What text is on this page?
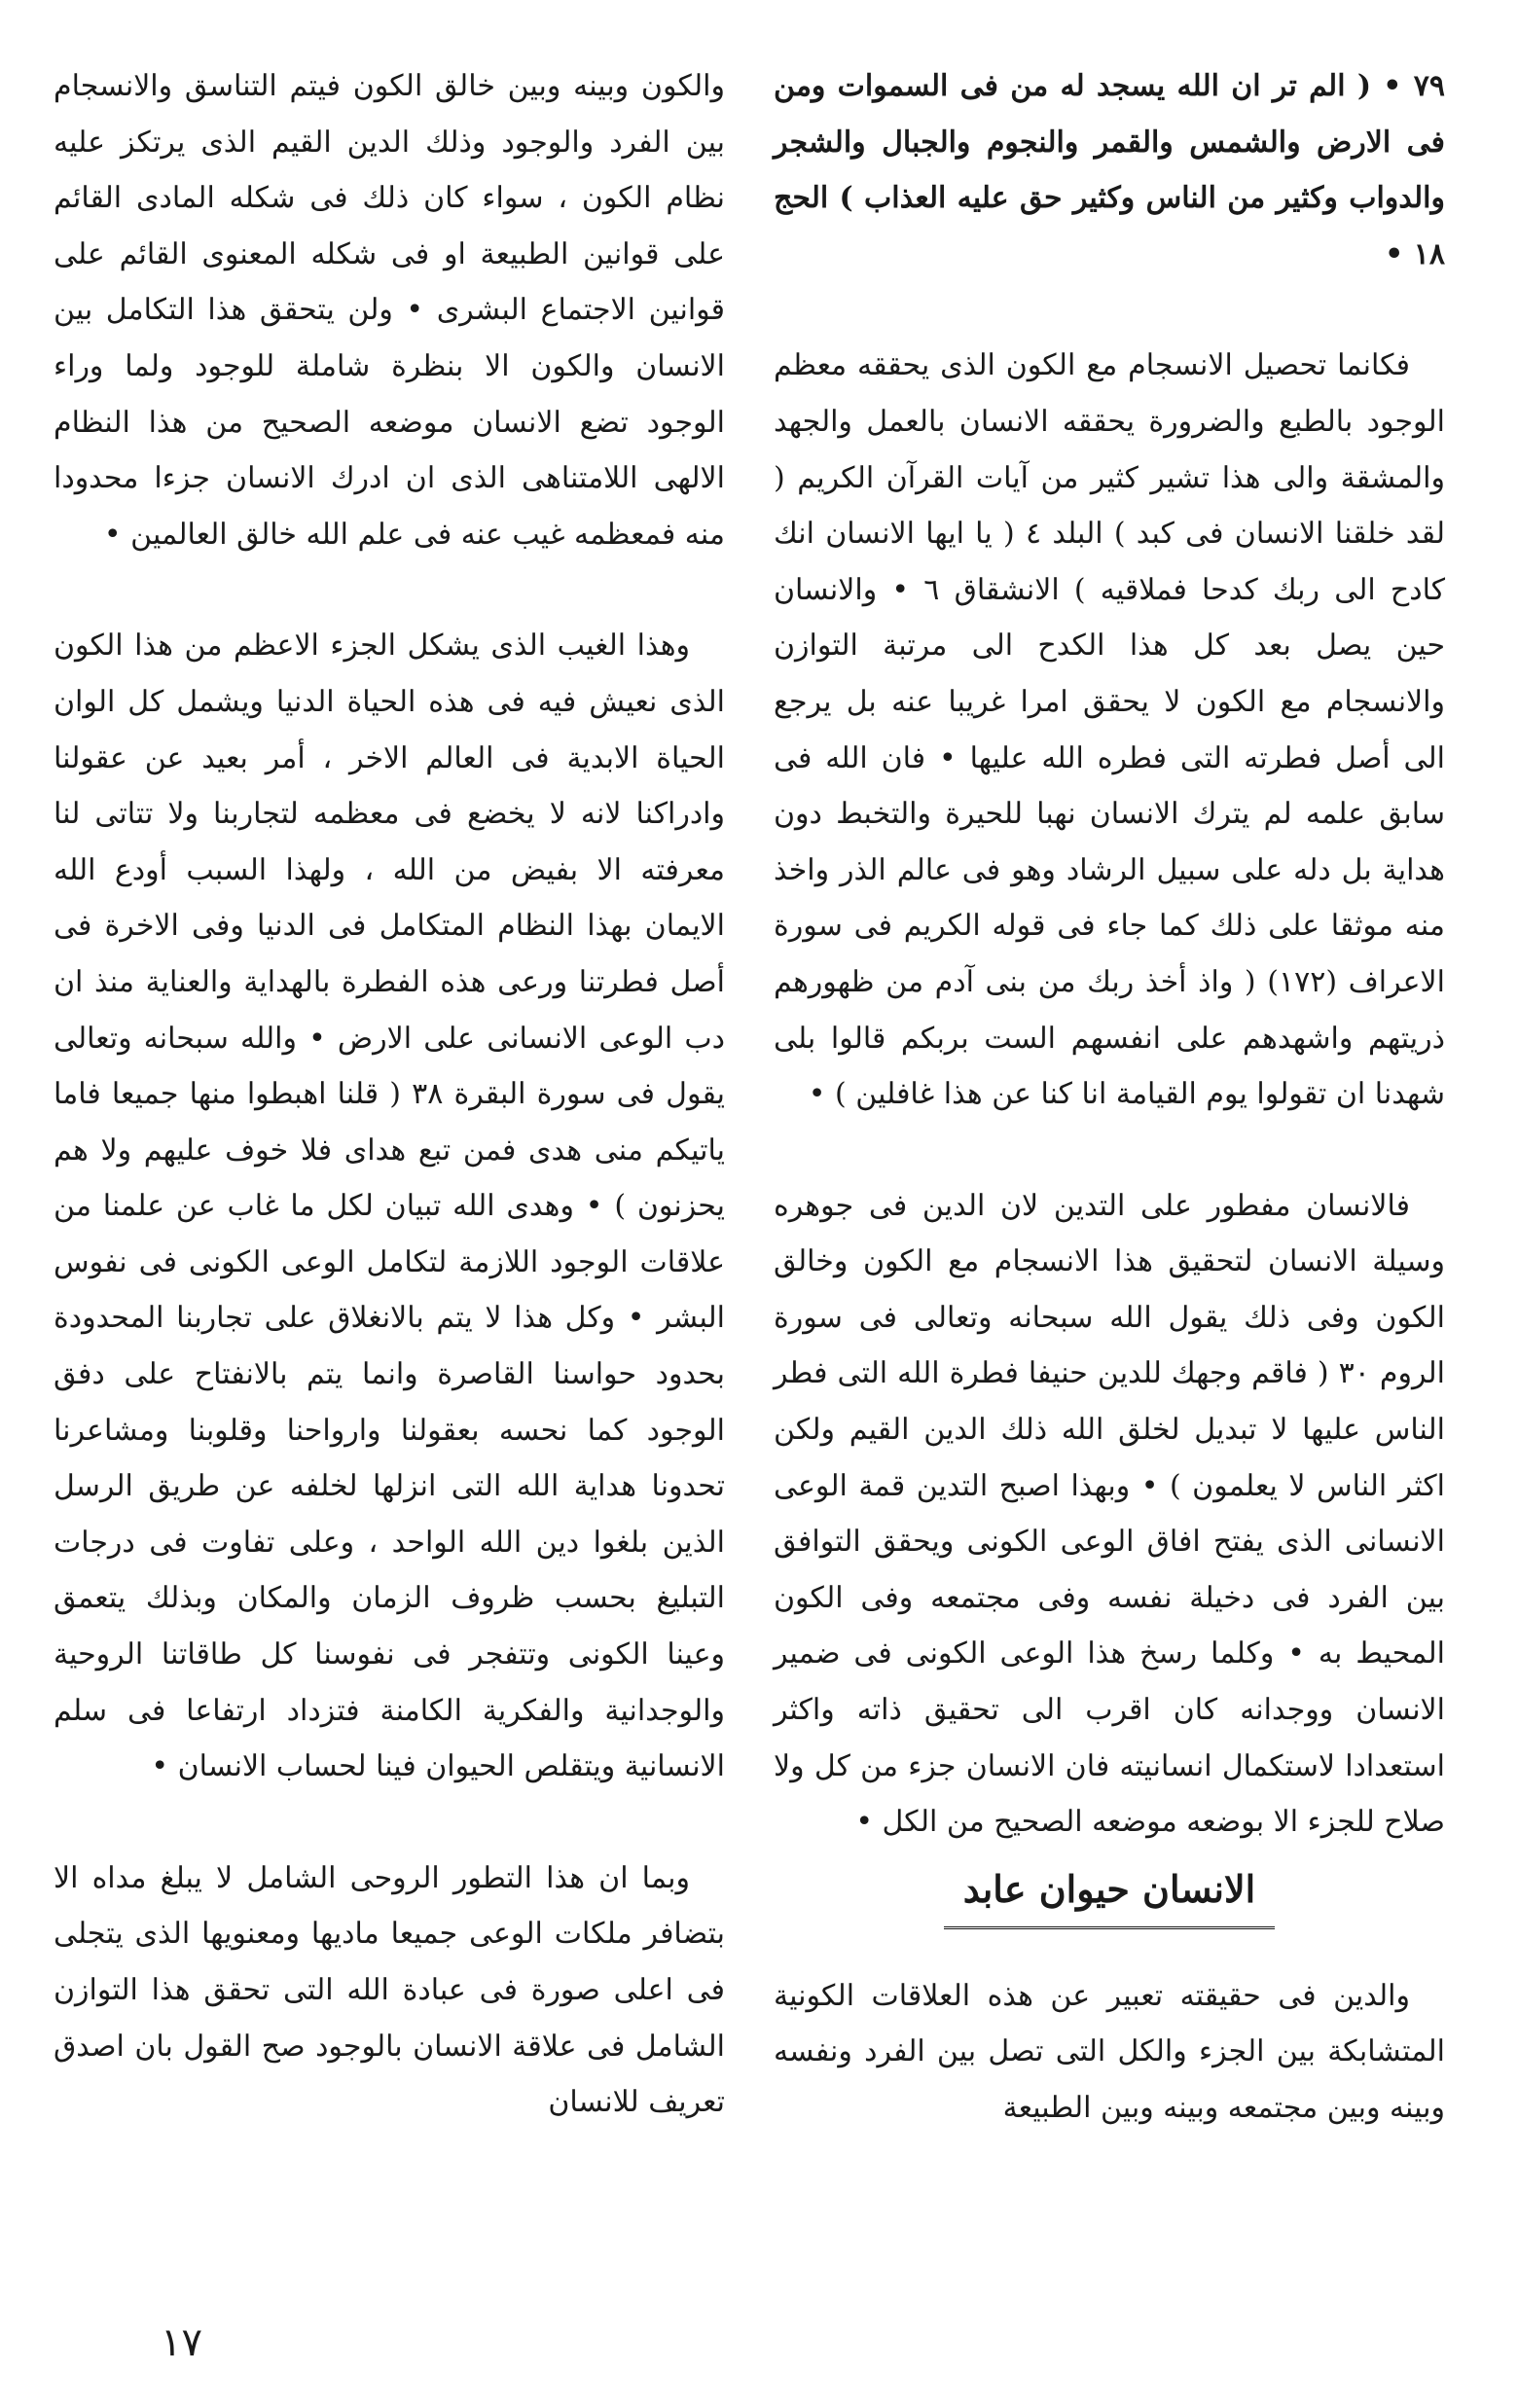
٧٩ • ( الم تر ان الله يسجد له من فى السموات ومن فى الارض والشمس والقمر والنجوم والجبال والشجر والدواب وكثير من الناس وكثير حق عليه العذاب ) الحج ١٨ •

فكانما تحصيل الانسجام مع الكون الذى يحققه معظم الوجود بالطبع والضرورة يحققه الانسان بالعمل والجهد والمشقة والى هذا تشير كثير من آيات القرآن الكريم ( لقد خلقنا الانسان فى كبد ) البلد ٤ ( يا ايها الانسان انك كادح الى ربك كدحا فملاقيه ) الانشقاق ٦ • والانسان حين يصل بعد كل هذا الكدح الى مرتبة التوازن والانسجام مع الكون لا يحقق امرا غريبا عنه بل يرجع الى أصل فطرته التى فطره الله عليها • فان الله فى سابق علمه لم يترك الانسان نهبا للحيرة والتخبط دون هداية بل دله على سبيل الرشاد وهو فى عالم الذر واخذ منه موثقا على ذلك كما جاء فى قوله الكريم فى سورة الاعراف (١٧٢) ( واذ أخذ ربك من بنى آدم من ظهورهم ذريتهم واشهدهم على انفسهم الست بربكم قالوا بلى شهدنا ان تقولوا يوم القيامة انا كنا عن هذا غافلين ) •

فالانسان مفطور على التدين لان الدين فى جوهره وسيلة الانسان لتحقيق هذا الانسجام مع الكون وخالق الكون وفى ذلك يقول الله سبحانه وتعالى فى سورة الروم ٣٠ ( فاقم وجهك للدين حنيفا فطرة الله التى فطر الناس عليها لا تبديل لخلق الله ذلك الدين القيم ولكن اكثر الناس لا يعلمون ) • وبهذا اصبح التدين قمة الوعى الانسانى الذى يفتح افاق الوعى الكونى ويحقق التوافق بين الفرد فى دخيلة نفسه وفى مجتمعه وفى الكون المحيط به • وكلما رسخ هذا الوعى الكونى فى ضمير الانسان ووجدانه كان اقرب الى تحقيق ذاته واكثر استعدادا لاستكمال انسانيته فان الانسان جزء من كل ولا صلاح للجزء الا بوضعه موضعه الصحيح من الكل •

الانسان حيوان عابد

والدين فى حقيقته تعبير عن هذه العلاقات الكونية المتشابكة بين الجزء والكل التى تصل بين الفرد ونفسه وبينه وبين مجتمعه وبينه وبين الطبيعة

والكون وبينه وبين خالق الكون فيتم التناسق والانسجام بين الفرد والوجود وذلك الدين القيم الذى يرتكز عليه نظام الكون ، سواء كان ذلك فى شكله المادى القائم على قوانين الطبيعة او فى شكله المعنوى القائم على قوانين الاجتماع البشرى • ولن يتحقق هذا التكامل بين الانسان والكون الا بنظرة شاملة للوجود ولما وراء الوجود تضع الانسان موضعه الصحيح من هذا النظام الالهى اللامتناهى الذى ان ادرك الانسان جزءا محدودا منه فمعظمه غيب عنه فى علم الله خالق العالمين •

وهذا الغيب الذى يشكل الجزء الاعظم من هذا الكون الذى نعيش فيه فى هذه الحياة الدنيا ويشمل كل الوان الحياة الابدية فى العالم الاخر ، أمر بعيد عن عقولنا وادراكنا لانه لا يخضع فى معظمه لتجاربنا ولا تتاتى لنا معرفته الا بفيض من الله ، ولهذا السبب أودع الله الايمان بهذا النظام المتكامل فى الدنيا وفى الاخرة فى أصل فطرتنا ورعى هذه الفطرة بالهداية والعناية منذ ان دب الوعى الانسانى على الارض • والله سبحانه وتعالى يقول فى سورة البقرة ٣٨ ( قلنا اهبطوا منها جميعا فاما ياتيكم منى هدى فمن تبع هداى فلا خوف عليهم ولا هم يحزنون ) • وهدى الله تبيان لكل ما غاب عن علمنا من علاقات الوجود اللازمة لتكامل الوعى الكونى فى نفوس البشر • وكل هذا لا يتم بالانغلاق على تجاربنا المحدودة بحدود حواسنا القاصرة وانما يتم بالانفتاح على دفق الوجود كما نحسه بعقولنا وارواحنا وقلوبنا ومشاعرنا تحدونا هداية الله التى انزلها لخلفه عن طريق الرسل الذين بلغوا دين الله الواحد ، وعلى تفاوت فى درجات التبليغ بحسب ظروف الزمان والمكان وبذلك يتعمق وعينا الكونى وتتفجر فى نفوسنا كل طاقاتنا الروحية والوجدانية والفكرية الكامنة فتزداد ارتفاعا فى سلم الانسانية ويتقلص الحيوان فينا لحساب الانسان •

وبما ان هذا التطور الروحى الشامل لا يبلغ مداه الا بتضافر ملكات الوعى جميعا ماديها ومعنويها الذى يتجلى فى اعلى صورة فى عبادة الله التى تحقق هذا التوازن الشامل فى علاقة الانسان بالوجود صح القول بان اصدق تعريف للانسان

١٧
